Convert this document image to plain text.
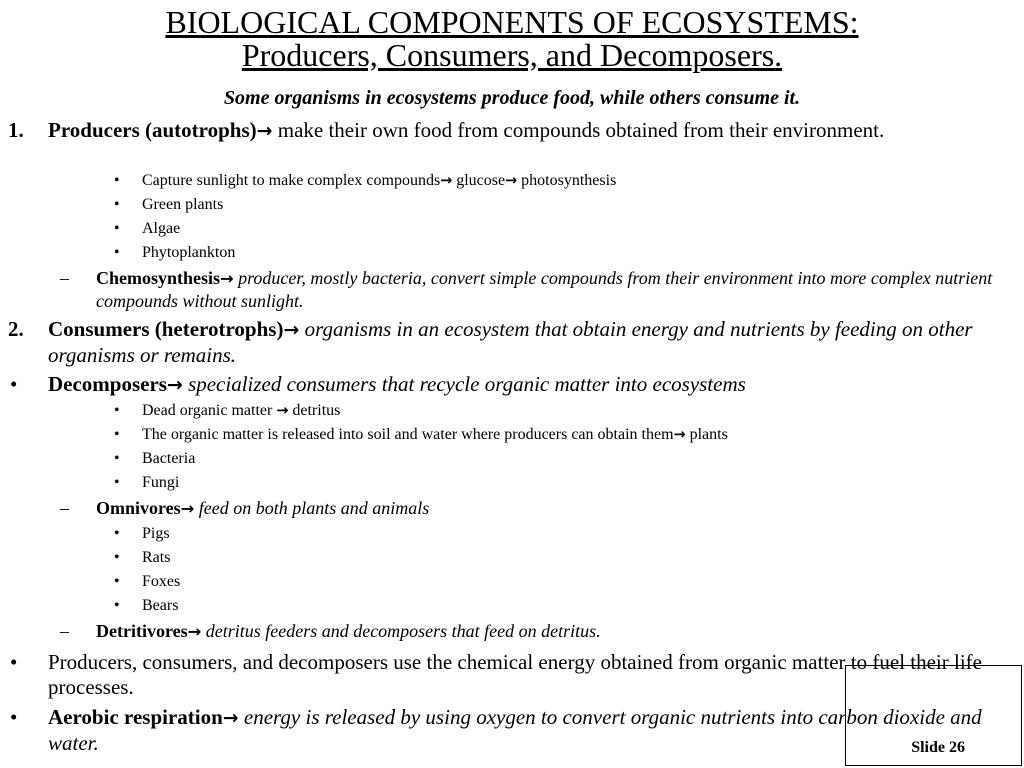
BIOLOGICAL COMPONENTS OF ECOSYSTEMS:
Producers, Consumers, and Decomposers.
Some organisms in ecosystems produce food, while others consume it.
1. Producers (autotrophs)→ make their own food from compounds obtained from their environment.
• Capture sunlight to make complex compounds→ glucose→ photosynthesis
• Green plants
• Algae
• Phytoplankton
– Chemosynthesis→ producer, mostly bacteria, convert simple compounds from their environment into more complex nutrient compounds without sunlight.
2. Consumers (heterotrophs)→ organisms in an ecosystem that obtain energy and nutrients by feeding on other organisms or remains.
• Decomposers→ specialized consumers that recycle organic matter into ecosystems
• Dead organic matter → detritus
• The organic matter is released into soil and water where producers can obtain them→ plants
• Bacteria
• Fungi
– Omnivores→ feed on both plants and animals
• Pigs
• Rats
• Foxes
• Bears
– Detritivores→ detritus feeders and decomposers that feed on detritus.
• Producers, consumers, and decomposers use the chemical energy obtained from organic matter to fuel their life processes.
• Aerobic respiration→ energy is released by using oxygen to convert organic nutrients into carbon dioxide and water.	Slide 26
